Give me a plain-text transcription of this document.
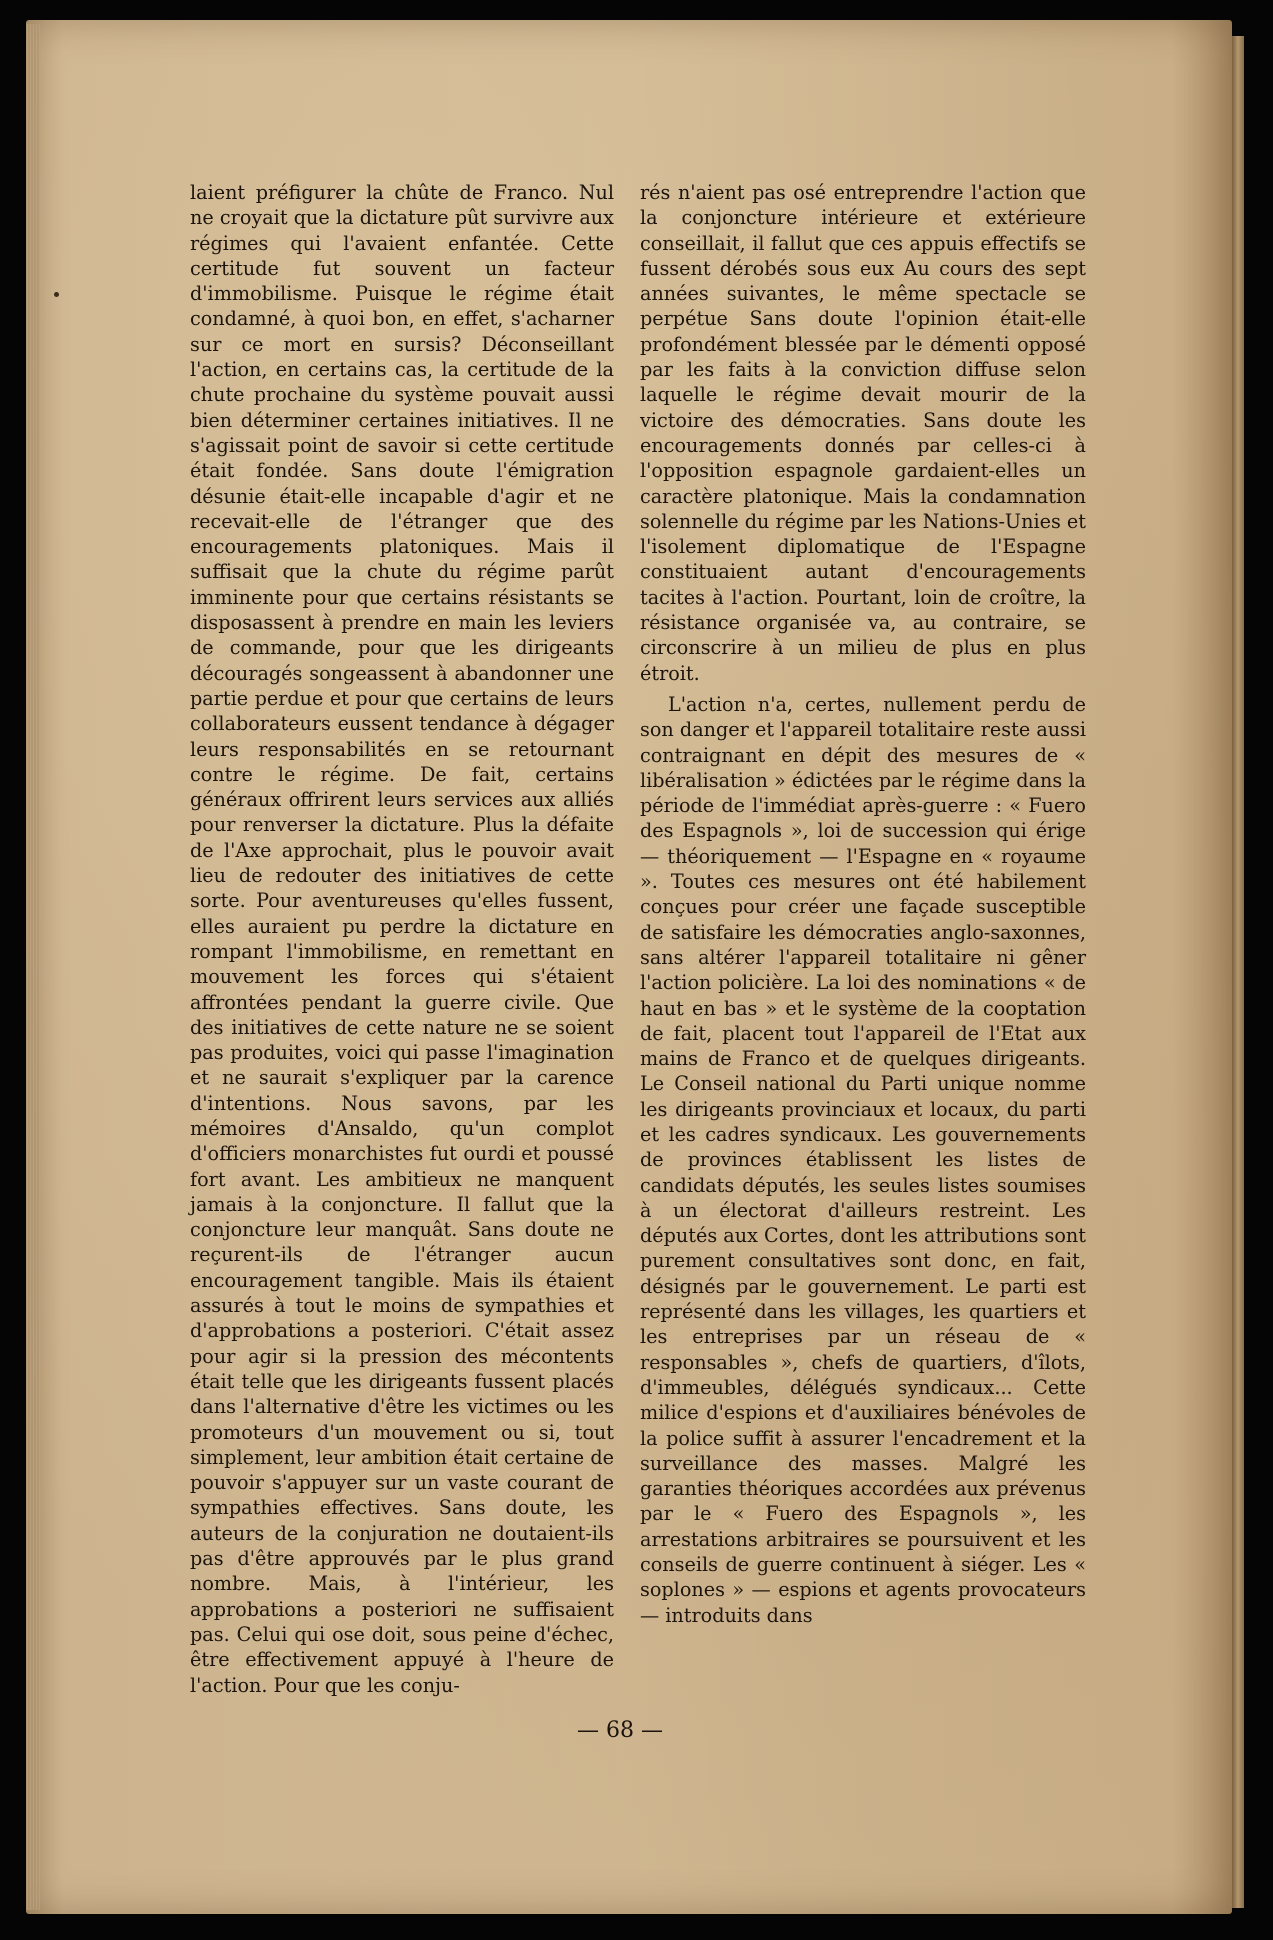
laient préfigurer la chûte de Franco. Nul ne croyait que la dictature pût survivre aux régimes qui l'avaient enfantée. Cette certitude fut souvent un facteur d'immobilisme. Puisque le régime était condamné, à quoi bon, en effet, s'acharner sur ce mort en sursis? Déconseillant l'action, en certains cas, la certitude de la chute prochaine du système pouvait aussi bien déterminer certaines initiatives. Il ne s'agissait point de savoir si cette certitude était fondée. Sans doute l'émigration désunie était-elle incapable d'agir et ne recevait-elle de l'étranger que des encouragements platoniques. Mais il suffisait que la chute du régime parût imminente pour que certains résistants se disposassent à prendre en main les leviers de commande, pour que les dirigeants découragés songeassent à abandonner une partie perdue et pour que certains de leurs collaborateurs eussent tendance à dégager leurs responsabilités en se retournant contre le régime. De fait, certains généraux offrirent leurs services aux alliés pour renverser la dictature. Plus la défaite de l'Axe approchait, plus le pouvoir avait lieu de redouter des initiatives de cette sorte. Pour aventureuses qu'elles fussent, elles auraient pu perdre la dictature en rompant l'immobilisme, en remettant en mouvement les forces qui s'étaient affrontées pendant la guerre civile. Que des initiatives de cette nature ne se soient pas produites, voici qui passe l'imagination et ne saurait s'expliquer par la carence d'intentions. Nous savons, par les mémoires d'Ansaldo, qu'un complot d'officiers monarchistes fut ourdi et poussé fort avant. Les ambitieux ne manquent jamais à la conjoncture. Il fallut que la conjoncture leur manquât. Sans doute ne reçurent-ils de l'étranger aucun encouragement tangible. Mais ils étaient assurés à tout le moins de sympathies et d'approbations a posteriori. C'était assez pour agir si la pression des mécontents était telle que les dirigeants fussent placés dans l'alternative d'être les victimes ou les promoteurs d'un mouvement ou si, tout simplement, leur ambition était certaine de pouvoir s'appuyer sur un vaste courant de sympathies effectives. Sans doute, les auteurs de la conjuration ne doutaient-ils pas d'être approuvés par le plus grand nombre. Mais, à l'intérieur, les approbations a posteriori ne suffisaient pas. Celui qui ose doit, sous peine d'échec, être effectivement appuyé à l'heure de l'action. Pour que les conju-

rés n'aient pas osé entreprendre l'action que la conjoncture intérieure et extérieure conseillait, il fallut que ces appuis effectifs se fussent dérobés sous eux Au cours des sept années suivantes, le même spectacle se perpétue Sans doute l'opinion était-elle profondément blessée par le démenti opposé par les faits à la conviction diffuse selon laquelle le régime devait mourir de la victoire des démocraties. Sans doute les encouragements donnés par celles-ci à l'opposition espagnole gardaient-elles un caractère platonique. Mais la condamnation solennelle du régime par les Nations-Unies et l'isolement diplomatique de l'Espagne constituaient autant d'encouragements tacites à l'action. Pourtant, loin de croître, la résistance organisée va, au contraire, se circonscrire à un milieu de plus en plus étroit.

L'action n'a, certes, nullement perdu de son danger et l'appareil totalitaire reste aussi contraignant en dépit des mesures de « libéralisation » édictées par le régime dans la période de l'immédiat après-guerre : « Fuero des Espagnols », loi de succession qui érige — théoriquement — l'Espagne en « royaume ». Toutes ces mesures ont été habilement conçues pour créer une façade susceptible de satisfaire les démocraties anglo-saxonnes, sans altérer l'appareil totalitaire ni gêner l'action policière. La loi des nominations « de haut en bas » et le système de la cooptation de fait, placent tout l'appareil de l'Etat aux mains de Franco et de quelques dirigeants. Le Conseil national du Parti unique nomme les dirigeants provinciaux et locaux, du parti et les cadres syndicaux. Les gouvernements de provinces établissent les listes de candidats députés, les seules listes soumises à un électorat d'ailleurs restreint. Les députés aux Cortes, dont les attributions sont purement consultatives sont donc, en fait, désignés par le gouvernement. Le parti est représenté dans les villages, les quartiers et les entreprises par un réseau de « responsables », chefs de quartiers, d'îlots, d'immeubles, délégués syndicaux... Cette milice d'espions et d'auxiliaires bénévoles de la police suffit à assurer l'encadrement et la surveillance des masses. Malgré les garanties théoriques accordées aux prévenus par le « Fuero des Espagnols », les arrestations arbitraires se poursuivent et les conseils de guerre continuent à siéger. Les « soplones » — espions et agents provocateurs — introduits dans

— 68 —
